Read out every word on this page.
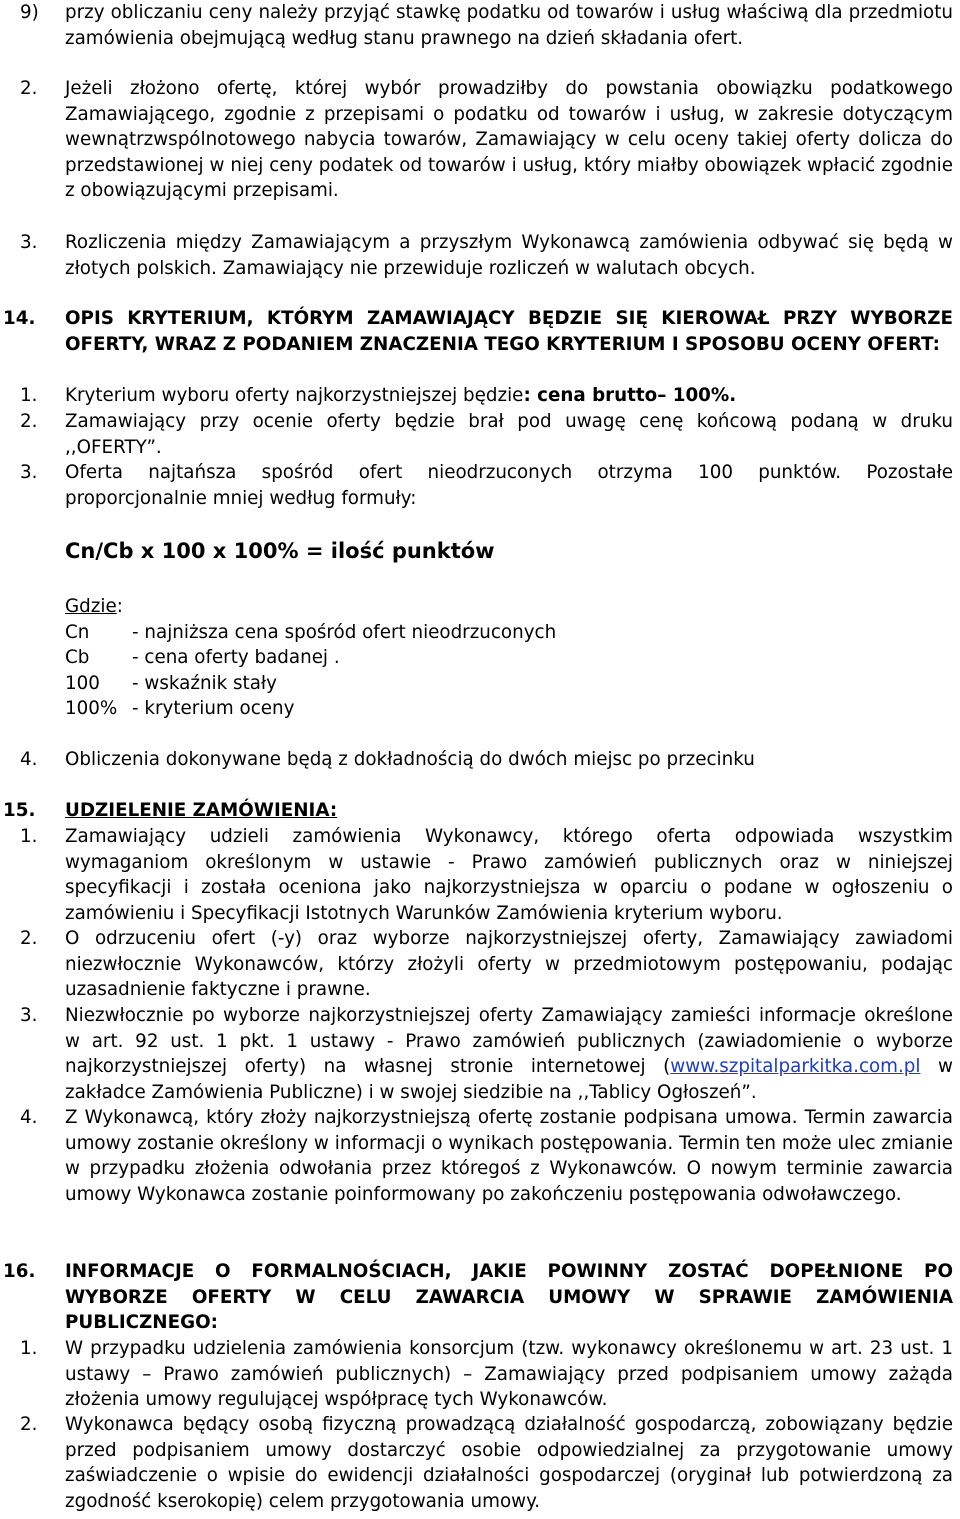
9) przy obliczaniu ceny należy przyjąć stawkę podatku od towarów i usług właściwą dla przedmiotu zamówienia obejmującą według stanu prawnego na dzień składania ofert.
2. Jeżeli złożono ofertę, której wybór prowadziłby do powstania obowiązku podatkowego Zamawiającego, zgodnie z przepisami o podatku od towarów i usług, w zakresie dotyczącym wewnątrzwspólnotowego nabycia towarów, Zamawiający w celu oceny takiej oferty dolicza do przedstawionej w niej ceny podatek od towarów i usług, który miałby obowiązek wpłacić zgodnie z obowiązującymi przepisami.
3. Rozliczenia między Zamawiającym a przyszłym Wykonawcą zamówienia odbywać się będą w złotych polskich. Zamawiający nie przewiduje rozliczeń w walutach obcych.
14. OPIS KRYTERIUM, KTÓRYM ZAMAWIAJĄCY BĘDZIE SIĘ KIEROWAŁ PRZY WYBORZE OFERTY, WRAZ Z PODANIEM ZNACZENIA TEGO KRYTERIUM I SPOSOBU OCENY OFERT:
1. Kryterium wyboru oferty najkorzystniejszej będzie: cena brutto– 100%.
2. Zamawiający przy ocenie oferty będzie brał pod uwagę cenę końcową podaną w druku
,,OFERTY”.
3. Oferta najtańsza spośród ofert nieodrzuconych otrzyma 100 punktów. Pozostałe
proporcjonalnie mniej według formuły:
Cn/Cb x 100 x 100% = ilość punktów
Gdzie :
Cn	- najniższa cena spośród ofert nieodrzuconych
Cb	- cena oferty badanej .
100	- wskaźnik stały
100% - kryterium oceny
4. Obliczenia dokonywane będą z dokładnością do dwóch miejsc po przecinku
15. UDZIELENIE ZAMÓWIENIA:
1. Zamawiający udzieli zamówienia Wykonawcy, którego oferta odpowiada wszystkim wymaganiom określonym w ustawie - Prawo zamówień publicznych oraz w niniejszej specyfikacji i została oceniona jako najkorzystniejsza w oparciu o podane w ogłoszeniu o zamówieniu i Specyfikacji Istotnych Warunków Zamówienia kryterium wyboru.
2. O odrzuceniu ofert (-y) oraz wyborze najkorzystniejszej oferty, Zamawiający zawiadomi niezwłocznie Wykonawców, którzy złożyli oferty w przedmiotowym postępowaniu, podając uzasadnienie faktyczne i prawne.
3. Niezwłocznie po wyborze najkorzystniejszej oferty Zamawiający zamieści informacje określone w art. 92 ust. 1 pkt. 1 ustawy - Prawo zamówień publicznych (zawiadomienie o wyborze najkorzystniejszej oferty) na własnej stronie internetowej (www.szpitalparkitka.com.pl w zakładce Zamówienia Publiczne) i w swojej siedzibie na ,,Tablicy Ogłoszeń”.
4. Z Wykonawcą, który złoży najkorzystniejszą ofertę zostanie podpisana umowa. Termin zawarcia umowy zostanie określony w informacji o wynikach postępowania. Termin ten może ulec zmianie w przypadku złożenia odwołania przez któregoś z Wykonawców. O nowym terminie zawarcia umowy Wykonawca zostanie poinformowany po zakończeniu postępowania odwoławczego.
16. INFORMACJE O FORMALNOŚCIACH, JAKIE POWINNY ZOSTAĆ DOPEŁNIONE PO WYBORZE OFERTY W CELU ZAWARCIA UMOWY W SPRAWIE ZAMÓWIENIA PUBLICZNEGO:
1. W przypadku udzielenia zamówienia konsorcjum (tzw. wykonawcy określonemu w art. 23 ust. 1 ustawy – Prawo zamówień publicznych) – Zamawiający przed podpisaniem umowy zażąda złożenia umowy regulującej współpracę tych Wykonawców.
2. Wykonawca będący osobą fizyczną prowadzącą działalność gospodarczą, zobowiązany będzie przed podpisaniem umowy dostarczyć osobie odpowiedzialnej za przygotowanie umowy zaświadczenie o wpisie do ewidencji działalności gospodarczej (oryginał lub potwierdzoną za zgodność kserokopię) celem przygotowania umowy.
